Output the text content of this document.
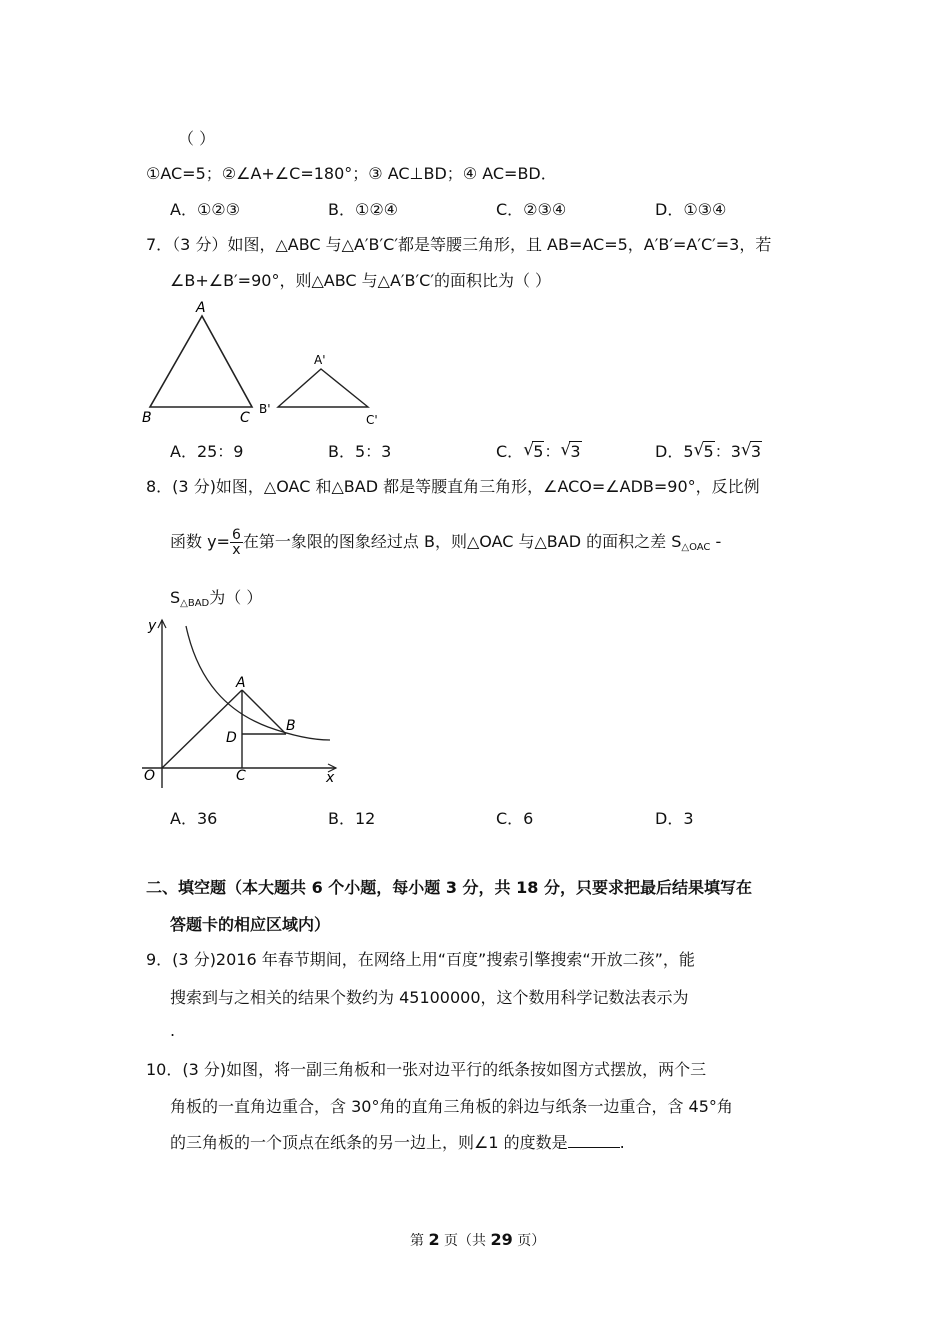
（ ）
①AC=5；②∠A+∠C=180°；③ AC⊥BD；④ AC=BD．
A．①②③	B．①②④	C．②③④	D．①③④
7．（3 分）如图，△ABC 与△A′B′C′都是等腰三角形，且 AB=AC=5，A′B′=A′C′=3，若
∠B+∠B′=90°，则△ABC 与△A′B′C′的面积比为（ ）
A
B	C
A'
B'
C'
A．25：9	B．5：3	C． √ 5： √ 3	D．5 √ 5：3 √ 3
8．(3 分)如图，△OAC 和△BAD 都是等腰直角三角形，∠ACO=∠ADB=90°，反比例
函数 $y= \frac{6}{x}$ 在第一象限的图象经过点 B，则△OAC 与△BAD 的面积之差 $S_{\triangle OAC}$ -
$S_{\triangle BAD}$为（ ）
y
x
O
A
B
C
D
A．36	B．12	C．6	D．3
二、填空题（本大题共 6 个小题，每小题 3 分，共 18 分，只要求把最后结果填写在
答题卡的相应区域内）
9．(3 分)2016 年春节期间，在网络上用“百度”搜索引擎搜索“开放二孩”，能
搜索到与之相关的结果个数约为 45100000，这个数用科学记数法表示为
.
10．(3 分)如图，将一副三角板和一张对边平行的纸条按如图方式摆放，两个三
角板的一直角边重合，含 30°角的直角三角板的斜边与纸条一边重合，含 45°角
的三角板的一个顶点在纸条的另一边上，则∠1 的度数是	.
第 2 页（共 29 页）
